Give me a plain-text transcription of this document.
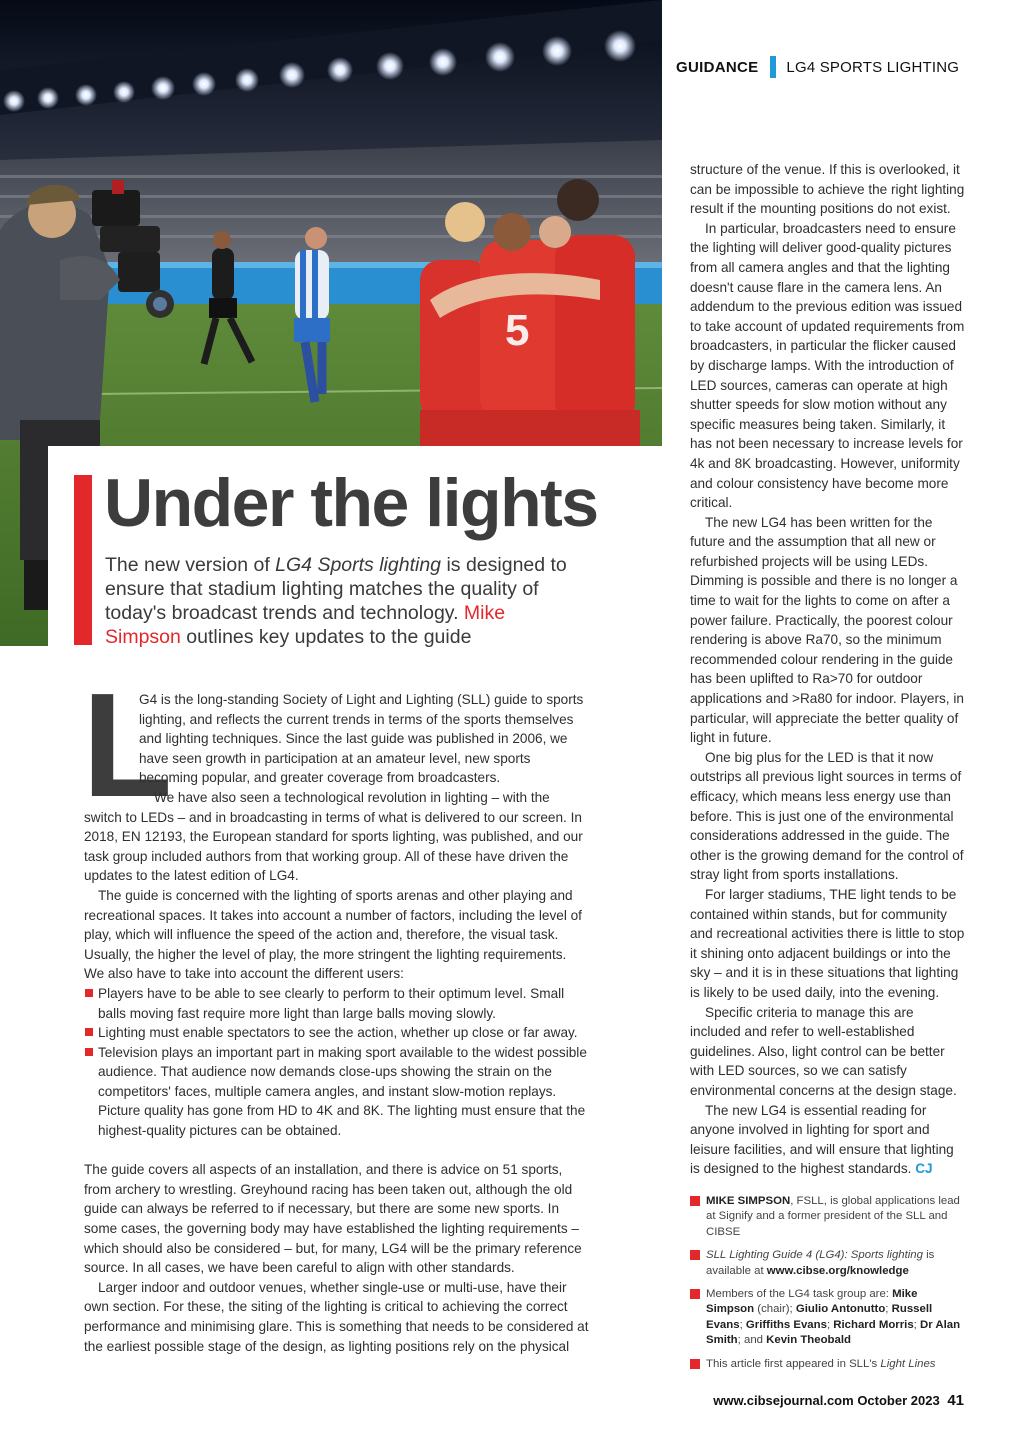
5
GUIDANCE LG4 SPORTS LIGHTING
Under the lights

The new version of LG4 Sports lighting is designed to ensure that stadium lighting matches the quality of today's broadcast trends and technology. Mike Simpson outlines key updates to the guide

L

G4 is the long-standing Society of Light and Lighting (SLL) guide to sports lighting, and reflects the current trends in terms of the sports themselves and lighting techniques. Since the last guide was published in 2006, we have seen growth in participation at an amateur level, new sports becoming popular, and greater coverage from broadcasters.

We have also seen a technological revolution in lighting – with the switch to LEDs – and in broadcasting in terms of what is delivered to our screen. In 2018, EN 12193, the European standard for sports lighting, was published, and our task group included authors from that working group. All of these have driven the updates to the latest edition of LG4.

The guide is concerned with the lighting of sports arenas and other playing and recreational spaces. It takes into account a number of factors, including the level of play, which will influence the speed of the action and, therefore, the visual task. Usually, the higher the level of play, the more stringent the lighting requirements. We also have to take into account the different users:

Players have to be able to see clearly to perform to their optimum level. Small balls moving fast require more light than large balls moving slowly.
Lighting must enable spectators to see the action, whether up close or far away.
Television plays an important part in making sport available to the widest possible audience. That audience now demands close-ups showing the strain on the competitors' faces, multiple camera angles, and instant slow-motion replays. Picture quality has gone from HD to 4K and 8K. The lighting must ensure that the highest-quality pictures can be obtained.

The guide covers all aspects of an installation, and there is advice on 51 sports, from archery to wrestling. Greyhound racing has been taken out, although the old guide can always be referred to if necessary, but there are some new sports. In some cases, the governing body may have established the lighting requirements – which should also be considered – but, for many, LG4 will be the primary reference source. In all cases, we have been careful to align with other standards.

Larger indoor and outdoor venues, whether single-use or multi-use, have their own section. For these, the siting of the lighting is critical to achieving the correct performance and minimising glare. This is something that needs to be considered at the earliest possible stage of the design, as lighting positions rely on the physical

structure of the venue. If this is overlooked, it can be impossible to achieve the right lighting result if the mounting positions do not exist.

In particular, broadcasters need to ensure the lighting will deliver good-quality pictures from all camera angles and that the lighting doesn't cause flare in the camera lens. An addendum to the previous edition was issued to take account of updated requirements from broadcasters, in particular the flicker caused by discharge lamps. With the introduction of LED sources, cameras can operate at high shutter speeds for slow motion without any specific measures being taken. Similarly, it has not been necessary to increase levels for 4k and 8K broadcasting. However, uniformity and colour consistency have become more critical.

The new LG4 has been written for the future and the assumption that all new or refurbished projects will be using LEDs. Dimming is possible and there is no longer a time to wait for the lights to come on after a power failure. Practically, the poorest colour rendering is above Ra70, so the minimum recommended colour rendering in the guide has been uplifted to Ra>70 for outdoor applications and >Ra80 for indoor. Players, in particular, will appreciate the better quality of light in future.

One big plus for the LED is that it now outstrips all previous light sources in terms of efficacy, which means less energy use than before. This is just one of the environmental considerations addressed in the guide. The other is the growing demand for the control of stray light from sports installations.

For larger stadiums, THE light tends to be contained within stands, but for community and recreational activities there is little to stop it shining onto adjacent buildings or into the sky – and it is in these situations that lighting is likely to be used daily, into the evening.

Specific criteria to manage this are included and refer to well-established guidelines. Also, light control can be better with LED sources, so we can satisfy environmental concerns at the design stage.

The new LG4 is essential reading for anyone involved in lighting for sport and leisure facilities, and will ensure that lighting is designed to the highest standards. CJ

MIKE SIMPSON, FSLL, is global applications lead at Signify and a former president of the SLL and CIBSE
SLL Lighting Guide 4 (LG4): Sports lighting is available at www.cibse.org/knowledge
Members of the LG4 task group are: Mike Simpson (chair); Giulio Antonutto; Russell Evans; Griffiths Evans; Richard Morris; Dr Alan Smith; and Kevin Theobald
This article first appeared in SLL's Light Lines
www.cibsejournal.com October 2023 41
